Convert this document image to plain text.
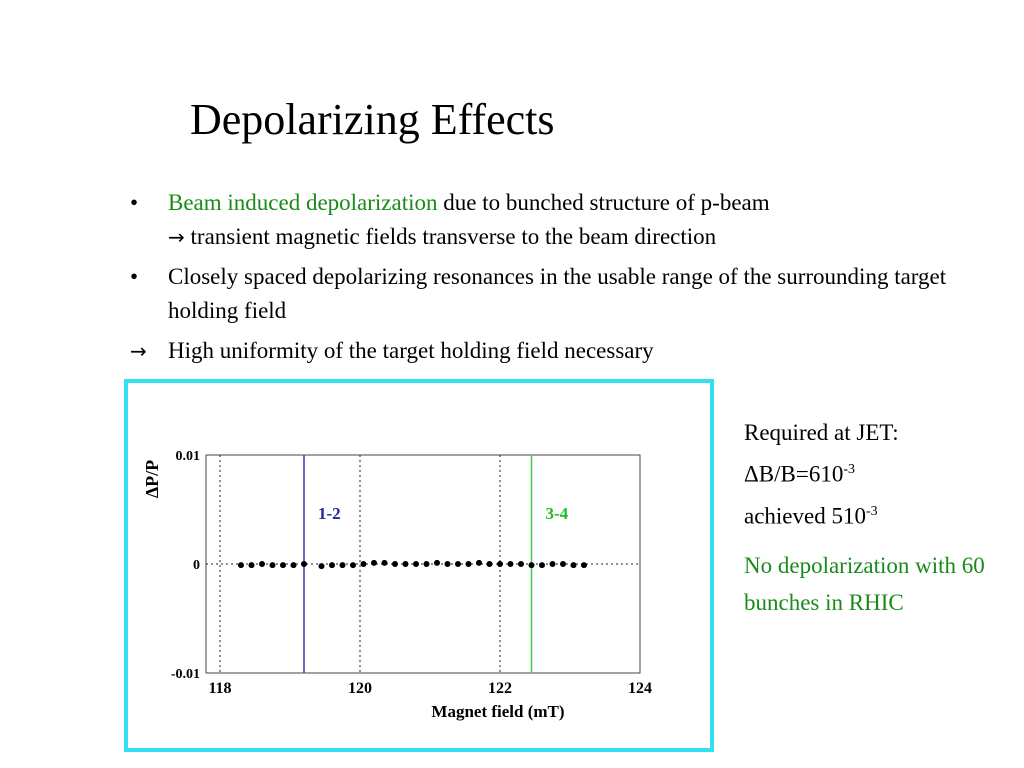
Depolarizing Effects
• Beam induced depolarization due to bunched structure of p-beam
→ transient magnetic fields transverse to the beam direction
• Closely spaced depolarizing resonances in the usable range of the surrounding target holding field
→ High uniformity of the target holding field necessary
118	120	122	124
0.01
0
-0.01
1-2	3-4
Magnet field (mT)
ΔP/P
Required at JET:
$\Delta B/B=610^{-3}$
achieved $510^{-3}$
No depolarization with 60 bunches in RHIC
